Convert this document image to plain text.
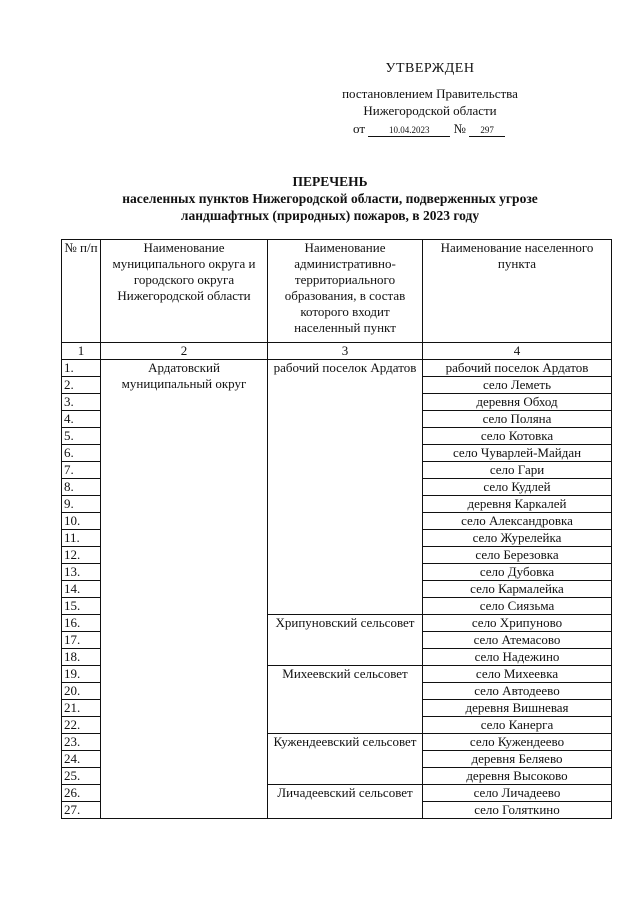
УТВЕРЖДЕН
постановлением Правительства
Нижегородской области
от	10.04.2023 № 297
ПЕРЕЧЕНЬ
населенных пунктов Нижегородской области, подверженных угрозе
ландшафтных (природных) пожаров, в 2023 году
№ п/п	Наименование муниципального округа и городского округа Нижегородской области	Наименование административно-территориального образования, в состав которого входит населенный пункт	Наименование населенного пункта
1	2	3	4
1.	Ардатовский муниципальный округ	рабочий поселок Ардатов	рабочий поселок Ардатов
2.			село Леметь
3.			деревня Обход
4.			село Поляна
5.			село Котовка
6.			село Чуварлей-Майдан
7.			село Гари
8.			село Кудлей
9.			деревня Каркалей
10.			село Александровка
11.			село Журелейка
12.			село Березовка
13.			село Дубовка
14.			село Кармалейка
15.			село Сиязьма
16.		Хрипуновский сельсовет	село Хрипуново
17.			село Атемасово
18.			село Надежино
19.		Михеевский сельсовет	село Михеевка
20.			село Автодеево
21.			деревня Вишневая
22.			село Канерга
23.		Кужендеевский сельсовет	село Кужендеево
24.			деревня Беляево
25.			деревня Высоково
26.		Личадеевский сельсовет	село Личадеево
27.			село Голяткино
